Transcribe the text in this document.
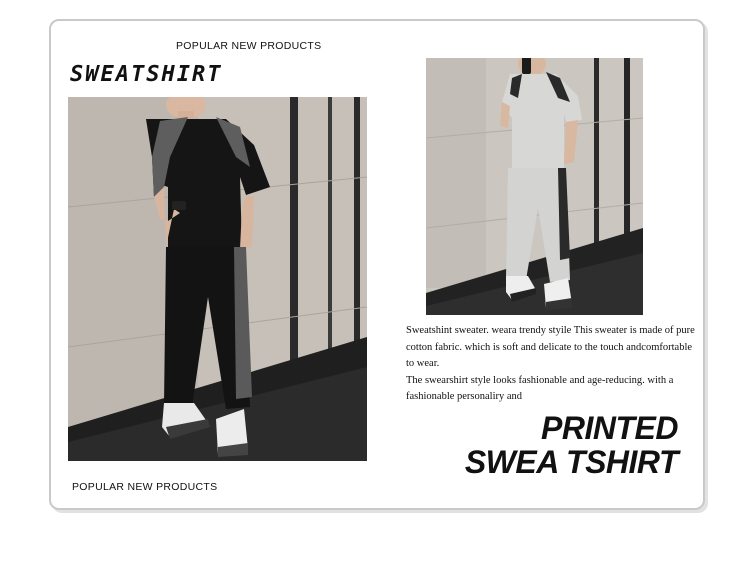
POPULAR NEW PRODUCTS
SWEATSHIRT

Sweatshint sweater. weara trendy styile This sweater is made of pure cotton fabric. which is soft and delicate to the touch andcomfortable to wear.

The swearshirt style looks fashionable and age-reducing. with a fashionable personaliry and

PRINTED
SWEA TSHIRT
POPULAR NEW PRODUCTS
